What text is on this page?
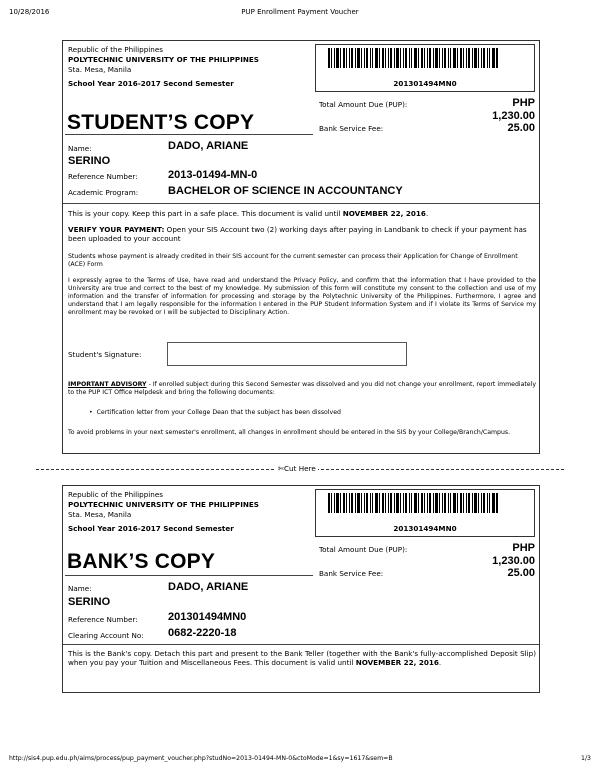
10/28/2016	PUP Enrollment Payment Voucher
Republic of the Philippines
POLYTECHNIC UNIVERSITY OF THE PHILIPPINES
Sta. Mesa, Manila
School Year 2016-2017 Second Semester	201301494MN0
Total Amount Due (PUP):	PHP
1,230.00
Bank Service Fee:	25.00
STUDENT’S COPY
Name:	DADO, ARIANE
SERINO
Reference Number:	2013-01494-MN-0
Academic Program:	BACHELOR OF SCIENCE IN ACCOUNTANCY
This is your copy. Keep this part in a safe place. This document is valid until NOVEMBER 22, 2016.
VERIFY YOUR PAYMENT: Open your SIS Account two (2) working days after paying in Landbank to check if your payment has been uploaded to your account
Students whose payment is already credited in their SIS account for the current semester can process their Application for Change of Enrollment (ACE) Form
I expressly agree to the Terms of Use, have read and understand the Privacy Policy, and confirm that the information that I have provided to the University are true and correct to the best of my knowledge. My submission of this form will constitute my consent to the collection and use of my information and the transfer of information for processing and storage by the Polytechnic University of the Philippines. Furthermore, I agree and understand that I am legally responsible for the information I entered in the PUP Student Information System and if I violate its Terms of Service my enrollment may be revoked or I will be subjected to Disciplinary Action.
Student's Signature:
IMPORTANT ADVISORY - If enrolled subject during this Second Semester was dissolved and you did not change your enrollment, report immediately to the PUP ICT Office Helpdesk and bring the following documents:
•  Certification letter from your College Dean that the subject has been dissolved
To avoid problems in your next semester's enrollment, all changes in enrollment should be entered in the SIS by your College/Branch/Campus.
✄Cut Here
Republic of the Philippines
POLYTECHNIC UNIVERSITY OF THE PHILIPPINES
Sta. Mesa, Manila
School Year 2016-2017 Second Semester	201301494MN0
Total Amount Due (PUP):	PHP
1,230.00
Bank Service Fee:	25.00
BANK’S COPY
Name:	DADO, ARIANE
SERINO
Reference Number:	201301494MN0
Clearing Account No: 0682-2220-18
This is the Bank's copy. Detach this part and present to the Bank Teller (together with the Bank's fully-accomplished Deposit Slip) when you pay your Tuition and Miscellaneous Fees. This document is valid until NOVEMBER 22, 2016.
http://sis4.pup.edu.ph/aims/process/pup_payment_voucher.php?studNo=2013-01494-MN-0&ctoMode=1&sy=1617&sem=B	1/3
